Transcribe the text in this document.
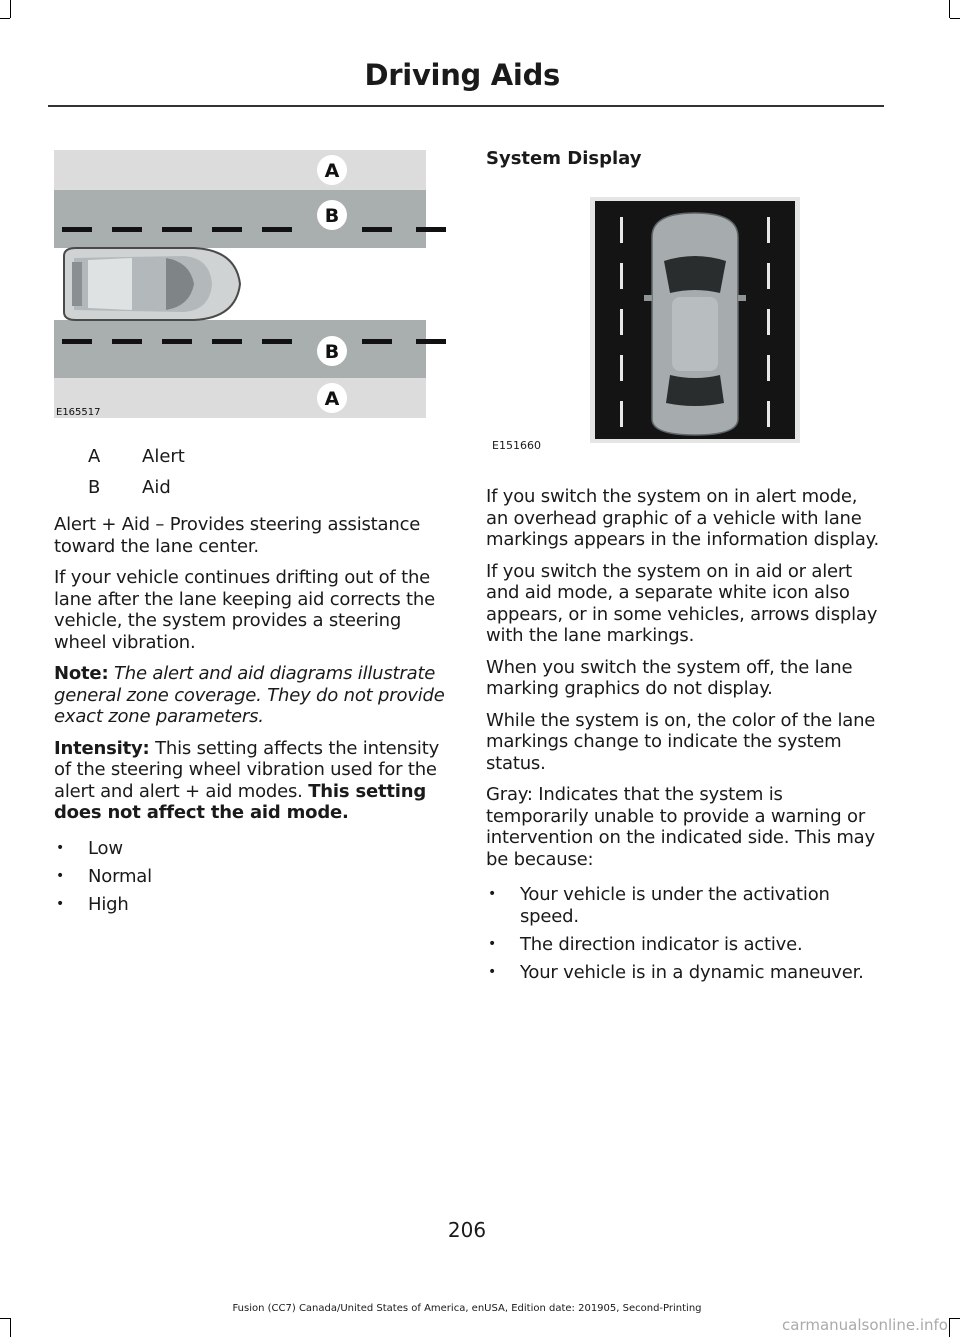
Driving Aids
A
B
B
A
E165517
A	Alert
B	Aid

Alert + Aid – Provides steering assistance toward the lane center.

If your vehicle continues drifting out of the lane after the lane keeping aid corrects the vehicle, the system provides a steering wheel vibration.

Note: The alert and aid diagrams illustrate general zone coverage. They do not provide exact zone parameters.

Intensity: This setting affects the intensity of the steering wheel vibration used for the alert and alert + aid modes. This setting does not affect the aid mode.

• Low
• Normal
• High
System Display
E151660

If you switch the system on in alert mode, an overhead graphic of a vehicle with lane markings appears in the information display.

If you switch the system on in aid or alert and aid mode, a separate white icon also appears, or in some vehicles, arrows display with the lane markings.

When you switch the system off, the lane marking graphics do not display.

While the system is on, the color of the lane markings change to indicate the system status.

Gray: Indicates that the system is temporarily unable to provide a warning or intervention on the indicated side. This may be because:

• Your vehicle is under the activation speed.
• The direction indicator is active.
• Your vehicle is in a dynamic maneuver.
206
Fusion (CC7) Canada/United States of America, enUSA, Edition date: 201905, Second-Printing
carmanualsonline.info
